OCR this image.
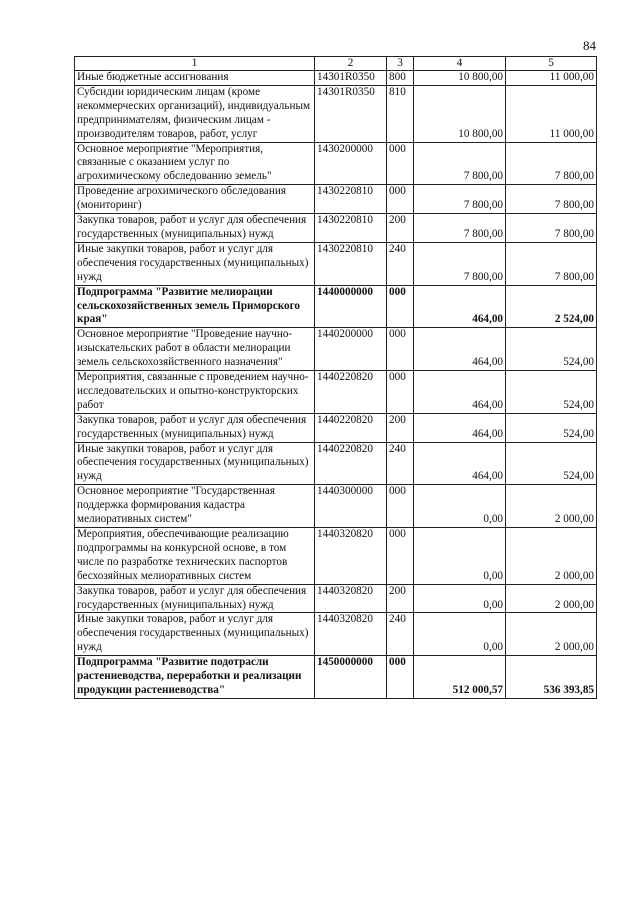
84
1	2	3	4	5
Иные бюджетные ассигнования	14301R0350	800	10 800,00	11 000,00
Субсидии юридическим лицам (кроме некоммерческих организаций), индивидуальным предпринимателям, физическим лицам - производителям товаров, работ, услуг	14301R0350	810	10 800,00	11 000,00
Основное мероприятие "Мероприятия, связанные с оказанием услуг по агрохимическому обследованию земель"	1430200000	000	7 800,00	7 800,00
Проведение агрохимического обследования (мониторинг)	1430220810	000	7 800,00	7 800,00
Закупка товаров, работ и услуг для обеспечения государственных (муниципальных) нужд	1430220810	200	7 800,00	7 800,00
Иные закупки товаров, работ и услуг для обеспечения государственных (муниципальных) нужд	1430220810	240	7 800,00	7 800,00
Подпрограмма "Развитие мелиорации сельскохозяйственных земель Приморского края"	1440000000	000	464,00	2 524,00
Основное мероприятие "Проведение научно-изыскательских работ в области мелиорации земель сельскохозяйственного назначения"	1440200000	000	464,00	524,00
Мероприятия, связанные с проведением научно-исследовательских и опытно-конструкторских работ	1440220820	000	464,00	524,00
Закупка товаров, работ и услуг для обеспечения государственных (муниципальных) нужд	1440220820	200	464,00	524,00
Иные закупки товаров, работ и услуг для обеспечения государственных (муниципальных) нужд	1440220820	240	464,00	524,00
Основное мероприятие "Государственная поддержка формирования кадастра мелиоративных систем"	1440300000	000	0,00	2 000,00
Мероприятия, обеспечивающие реализацию подпрограммы на конкурсной основе, в том числе по разработке технических паспортов бесхозяйных мелиоративных систем	1440320820	000	0,00	2 000,00
Закупка товаров, работ и услуг для обеспечения государственных (муниципальных) нужд	1440320820	200	0,00	2 000,00
Иные закупки товаров, работ и услуг для обеспечения государственных (муниципальных) нужд	1440320820	240	0,00	2 000,00
Подпрограмма "Развитие подотрасли растениеводства, переработки и реализации продукции растениеводства"	1450000000	000	512 000,57	536 393,85
